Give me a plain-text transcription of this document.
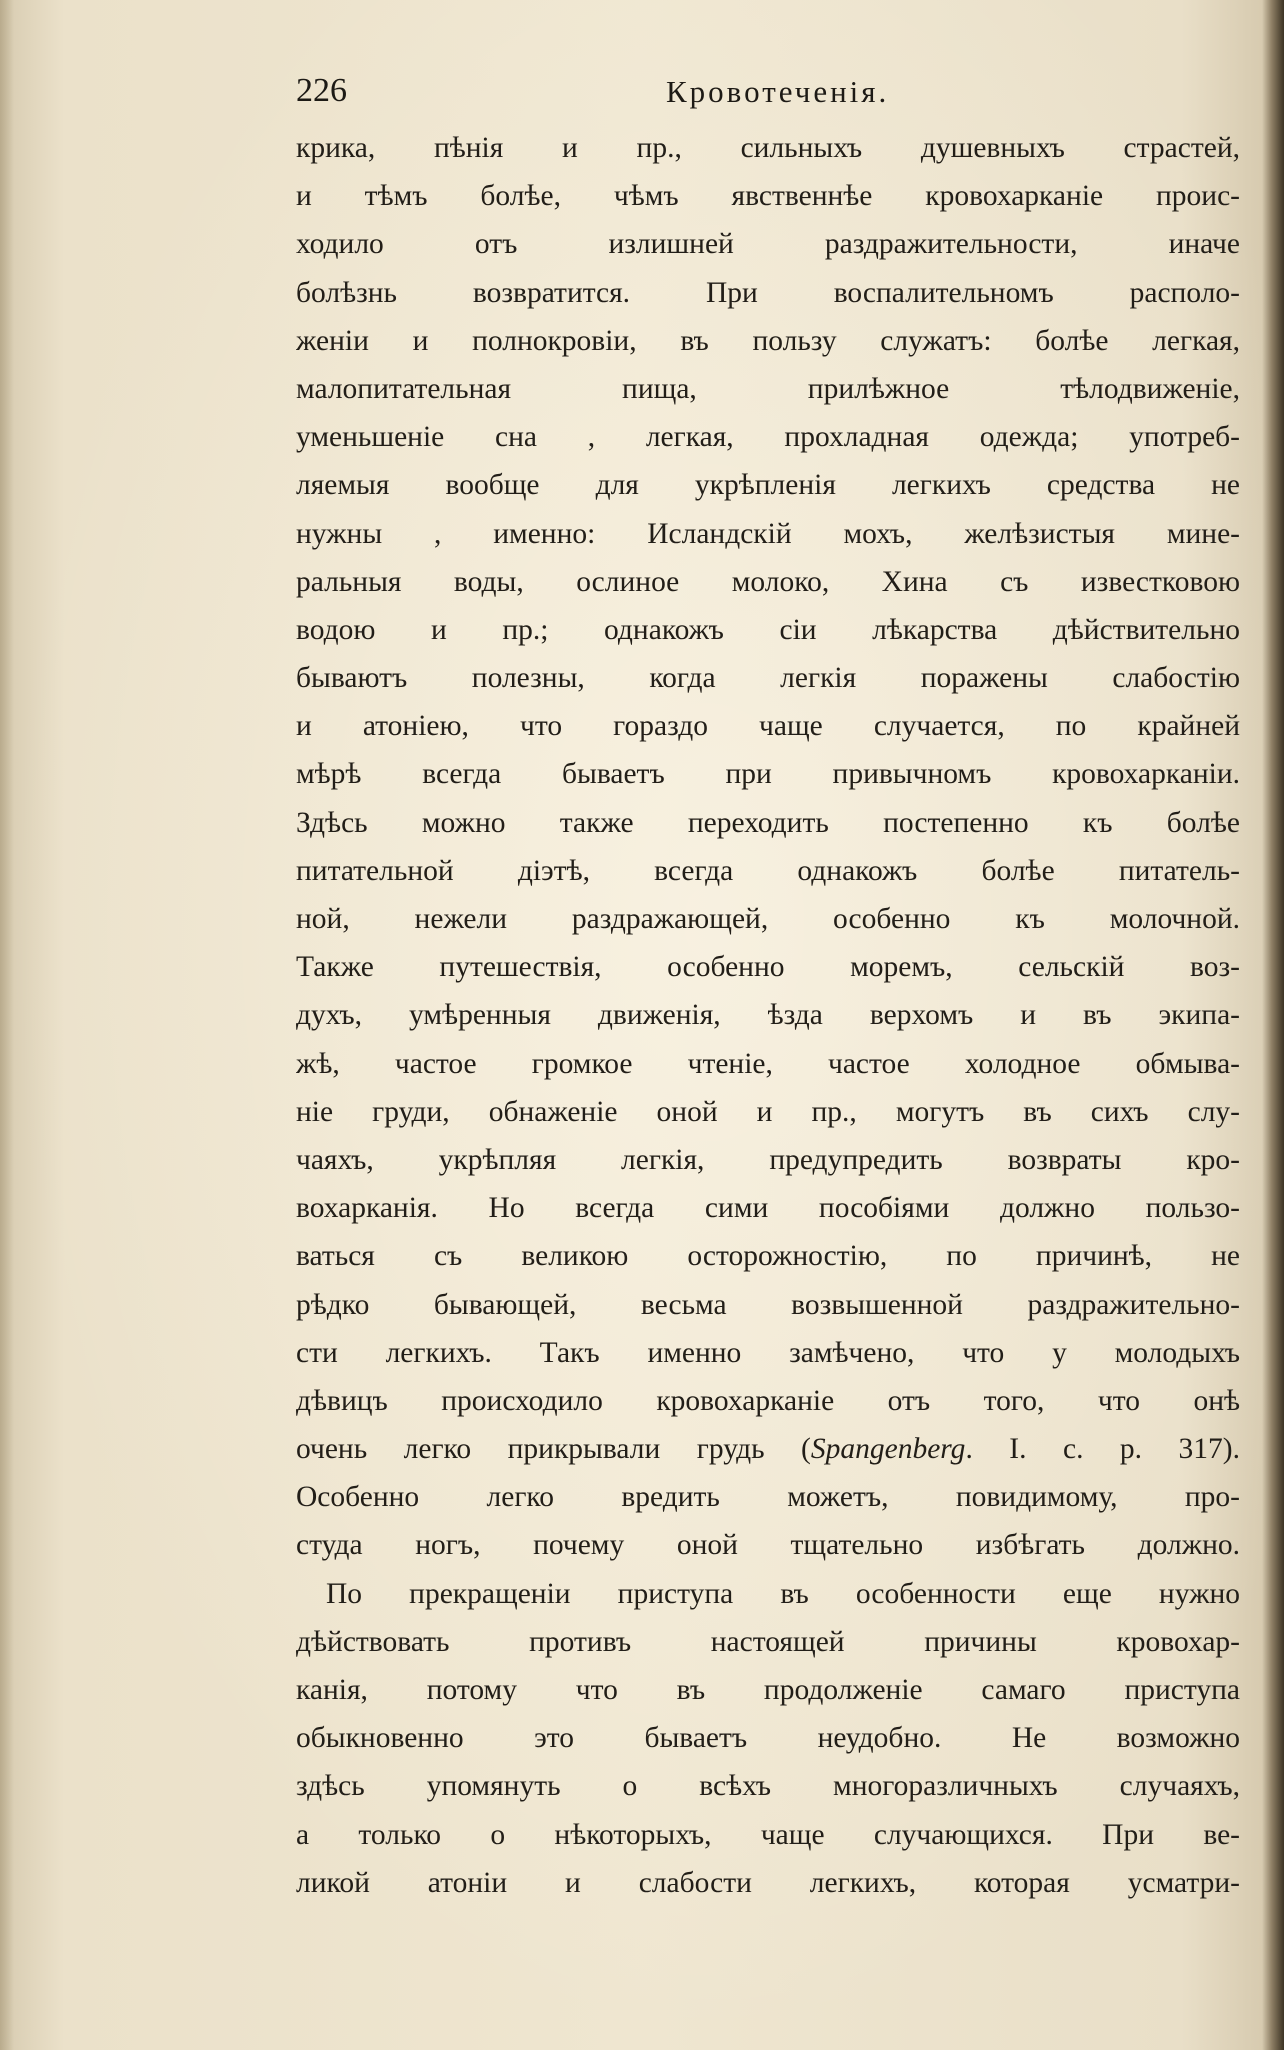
226	Кровотеченія.
крика, пѣнія и пр., сильныхъ душевныхъ страстей,
и тѣмъ болѣе, чѣмъ явственнѣе кровохарканіе проис-
ходило отъ излишней раздражительности, иначе
болѣзнь возвратится. При воспалительномъ располо-
женіи и полнокровіи, въ пользу служатъ: болѣе легкая,
малопитательная пища, прилѣжное тѣлодвиженіе,
уменьшеніе сна , легкая, прохладная одежда; употреб-
ляемыя вообще для укрѣпленія легкихъ средства не
нужны , именно: Исландскій мохъ, желѣзистыя мине-
ральныя воды, ослиное молоко, Хина съ известковою
водою и пр.; однакожъ сіи лѣкарства дѣйствительно
бываютъ полезны, когда легкія поражены слабостію
и атоніею, что гораздо чаще случается, по крайней
мѣрѣ всегда бываетъ при привычномъ кровохарканіи.
Здѣсь можно также переходить постепенно къ болѣе
питательной діэтѣ, всегда однакожъ болѣе питатель-
ной, нежели раздражающей, особенно къ молочной.
Также путешествія, особенно моремъ, сельскій воз-
духъ, умѣренныя движенія, ѣзда верхомъ и въ экипа-
жѣ, частое громкое чтеніе, частое холодное обмыва-
ніе груди, обнаженіе оной и пр., могутъ въ сихъ слу-
чаяхъ, укрѣпляя легкія, предупредить возвраты кро-
вохарканія. Но всегда сими пособіями должно пользо-
ваться съ великою осторожностію, по причинѣ, не
рѣдко бывающей, весьма возвышенной раздражительно-
сти легкихъ. Такъ именно замѣчено, что у молодыхъ
дѣвицъ происходило кровохарканіе отъ того, что онѣ
очень легко прикрывали грудь (Spangenberg. I. c. p. 317).
Особенно легко вредить можетъ, повидимому, про-
студа ногъ, почему оной тщательно избѣгать должно.
По прекращеніи приступа въ особенности еще нужно
дѣйствовать противъ настоящей причины кровохар-
канія, потому что въ продолженіе самаго приступа
обыкновенно это бываетъ неудобно. Не возможно
здѣсь упомянуть о всѣхъ многоразличныхъ случаяхъ,
а только о нѣкоторыхъ, чаще случающихся. При ве-
ликой атоніи и слабости легкихъ, которая усматри-
